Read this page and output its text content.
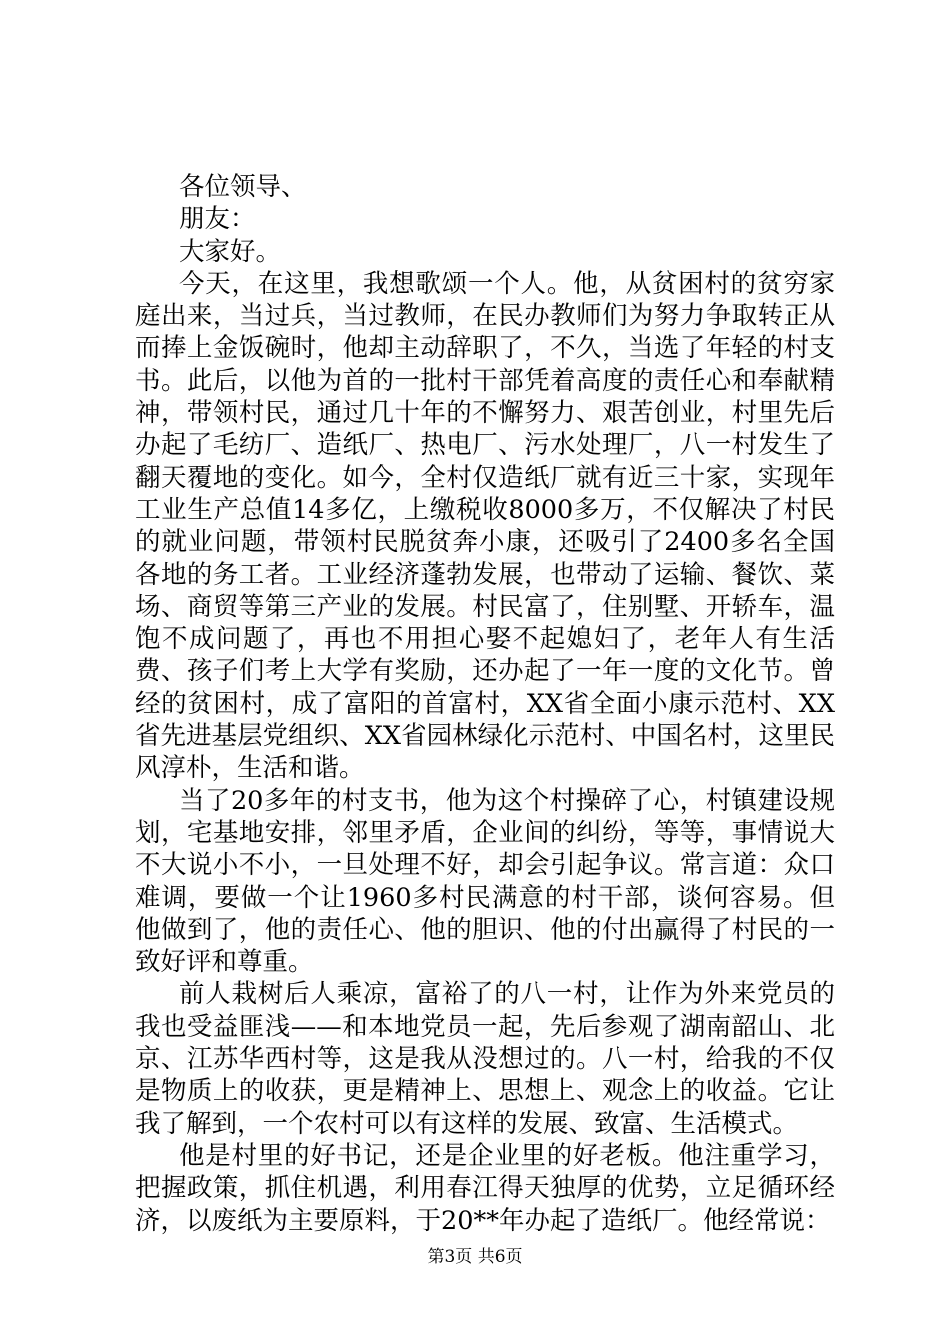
各位领导、

朋友：

大家好。

今天，在这里，我想歌颂一个人。他，从贫困村的贫穷家庭出来，当过兵，当过教师，在民办教师们为努力争取转正从而捧上金饭碗时，他却主动辞职了，不久，当选了年轻的村支书。此后，以他为首的一批村干部凭着高度的责任心和奉献精神，带领村民，通过几十年的不懈努力、艰苦创业，村里先后办起了毛纺厂、造纸厂、热电厂、污水处理厂，八一村发生了翻天覆地的变化。如今，全村仅造纸厂就有近三十家，实现年工业生产总值14多亿，上缴税收8000多万，不仅解决了村民的就业问题，带领村民脱贫奔小康，还吸引了2400多名全国各地的务工者。工业经济蓬勃发展，也带动了运输、餐饮、菜场、商贸等第三产业的发展。村民富了，住别墅、开轿车，温饱不成问题了，再也不用担心娶不起媳妇了，老年人有生活费、孩子们考上大学有奖励，还办起了一年一度的文化节。曾经的贫困村，成了富阳的首富村，XX省全面小康示范村、XX省先进基层党组织、XX省园林绿化示范村、中国名村，这里民风淳朴，生活和谐。

当了20多年的村支书，他为这个村操碎了心，村镇建设规划，宅基地安排，邻里矛盾，企业间的纠纷，等等，事情说大不大说小不小，一旦处理不好，却会引起争议。常言道：众口难调，要做一个让1960多村民满意的村干部，谈何容易。但他做到了，他的责任心、他的胆识、他的付出赢得了村民的一致好评和尊重。

前人栽树后人乘凉，富裕了的八一村，让作为外来党员的我也受益匪浅——和本地党员一起，先后参观了湖南韶山、北京、江苏华西村等，这是我从没想过的。八一村，给我的不仅是物质上的收获，更是精神上、思想上、观念上的收益。它让我了解到，一个农村可以有这样的发展、致富、生活模式。

他是村里的好书记，还是企业里的好老板。他注重学习，把握政策，抓住机遇，利用春江得天独厚的优势，立足循环经济，以废纸为主要原料，于20**年办起了造纸厂。他经常说：

第3页 共6页
